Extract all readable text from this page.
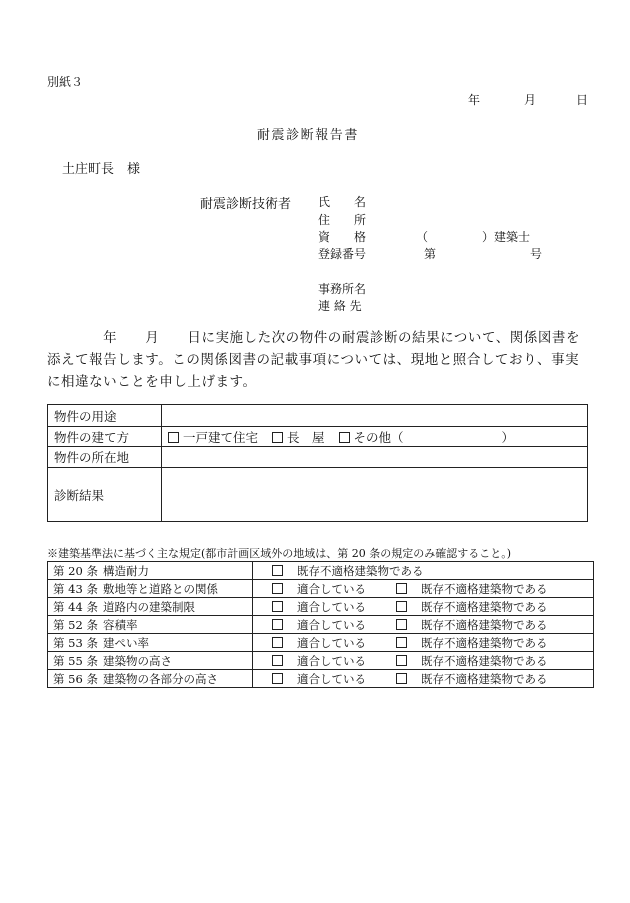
別紙３
年	月	日
耐震診断報告書
土庄町長　様
耐震診断技術者 氏　　名
住　　所
資　　格	（	）建築士
登録番号	第	号
事務所名
連 絡 先
　　　　年　　月　　日に実施した次の物件の耐震診断の結果について、関係図書を添えて報告します。この関係図書の記載事項については、現地と照合しており、事実に相違ないことを申し上げます。
物件の用途	
物件の建て方	一戸建て住宅 長　屋 その他（ ）
物件の所在地	
診断結果	
※建築基準法に基づく主な規定(都市計画区域外の地域は、第 20 条の規定のみ確認すること。)
第 20 条 構造耐力	既存不適格建築物である
第 43 条 敷地等と道路との関係	適合している 既存不適格建築物である
第 44 条 道路内の建築制限	適合している 既存不適格建築物である
第 52 条 容積率	適合している 既存不適格建築物である
第 53 条 建ぺい率	適合している 既存不適格建築物である
第 55 条 建築物の高さ	適合している 既存不適格建築物である
第 56 条 建築物の各部分の高さ	適合している 既存不適格建築物である
